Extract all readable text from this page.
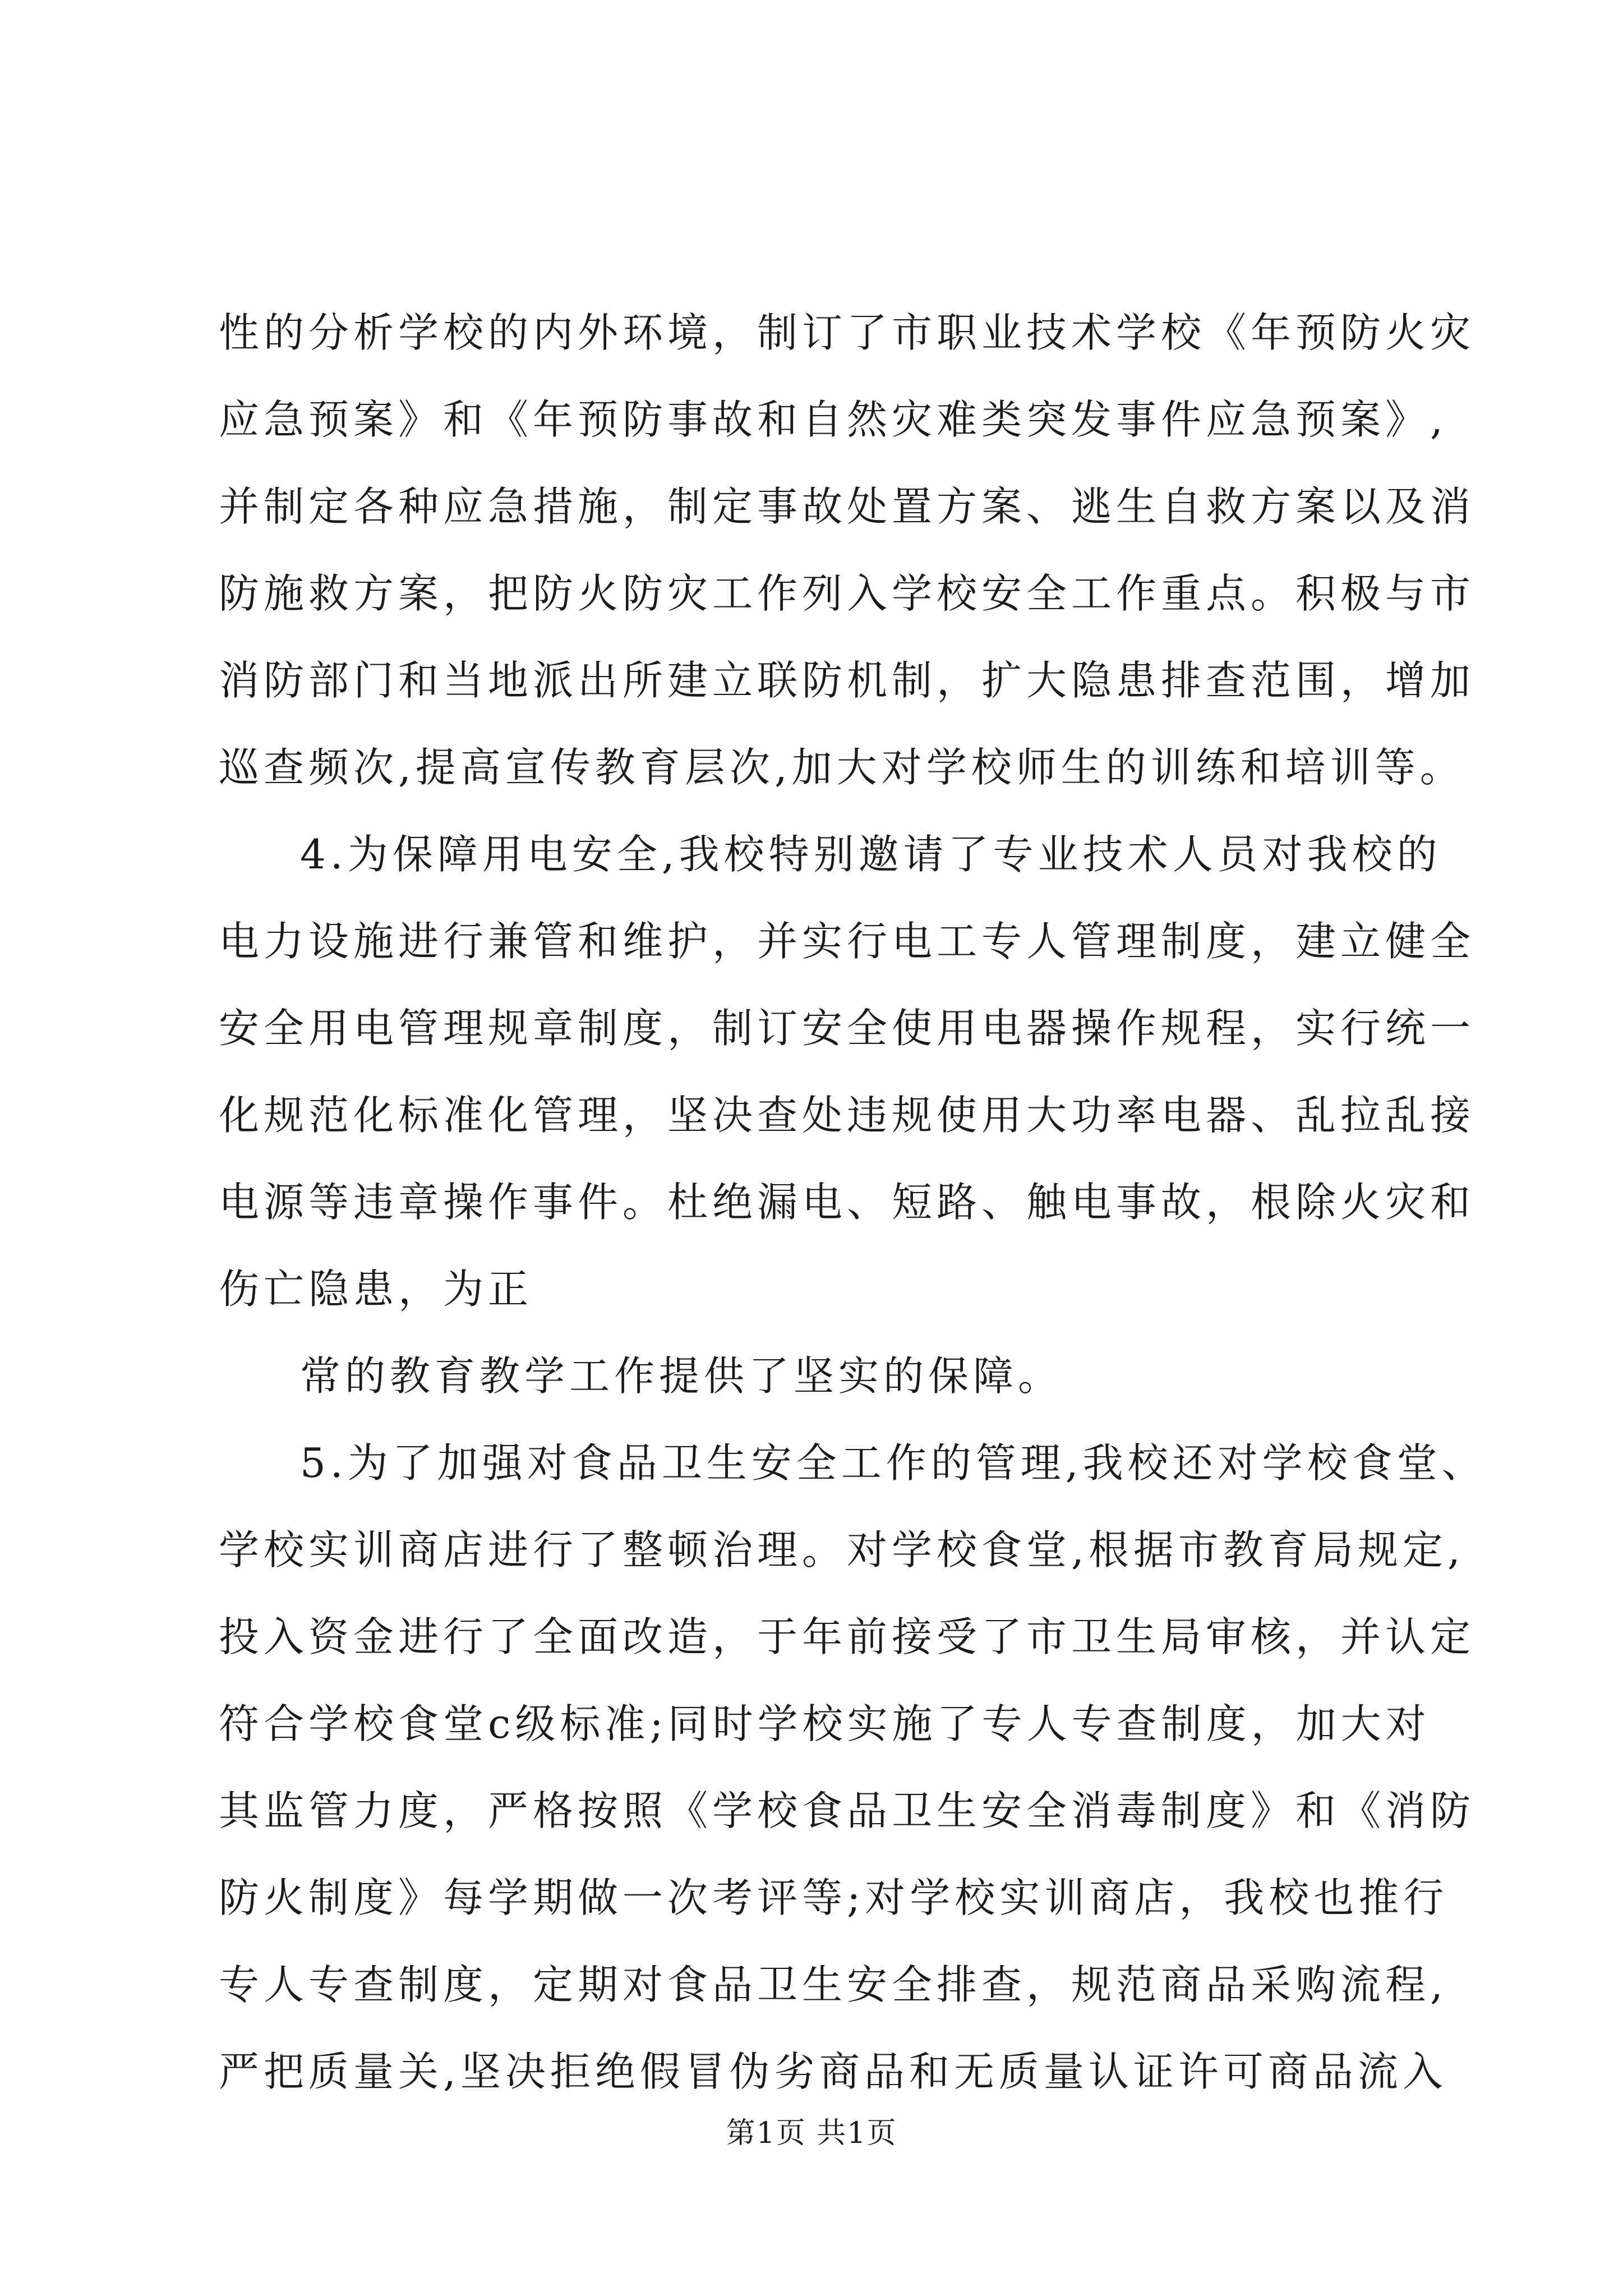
性的分析学校的内外环境，制订了市职业技术学校《年预防火灾
应急预案》和《年预防事故和自然灾难类突发事件应急预案》,
并制定各种应急措施，制定事故处置方案、逃生自救方案以及消
防施救方案，把防火防灾工作列入学校安全工作重点。积极与市
消防部门和当地派出所建立联防机制，扩大隐患排查范围，增加
巡查频次,提高宣传教育层次,加大对学校师生的训练和培训等。
4.为保障用电安全,我校特别邀请了专业技术人员对我校的
电力设施进行兼管和维护，并实行电工专人管理制度，建立健全
安全用电管理规章制度，制订安全使用电器操作规程，实行统一
化规范化标准化管理，坚决查处违规使用大功率电器、乱拉乱接
电源等违章操作事件。杜绝漏电、短路、触电事故，根除火灾和
伤亡隐患，为正
常的教育教学工作提供了坚实的保障。
5.为了加强对食品卫生安全工作的管理,我校还对学校食堂、
学校实训商店进行了整顿治理。对学校食堂,根据市教育局规定,
投入资金进行了全面改造，于年前接受了市卫生局审核，并认定
符合学校食堂c级标准;同时学校实施了专人专查制度，加大对
其监管力度，严格按照《学校食品卫生安全消毒制度》和《消防
防火制度》每学期做一次考评等;对学校实训商店，我校也推行
专人专查制度，定期对食品卫生安全排查，规范商品采购流程,
严把质量关,坚决拒绝假冒伪劣商品和无质量认证许可商品流入
第1页 共1页
